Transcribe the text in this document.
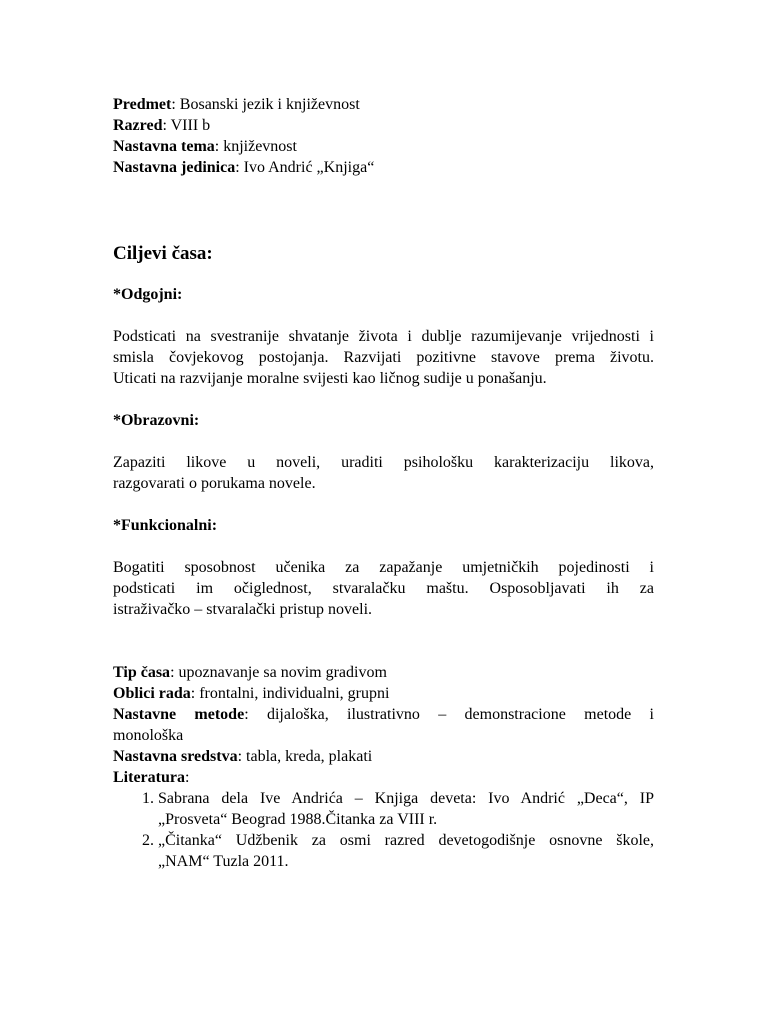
Predmet: Bosanski jezik i književnost

Razred: VIII b

Nastavna tema: književnost

Nastavna jedinica: Ivo Andrić „Knjiga“

Ciljevi časa:

*Odgojni:

Podsticati na svestranije shvatanje života i dublje razumijevanje vrijednosti i
smisla čovjekovog postojanja. Razvijati pozitivne stavove prema životu.
Uticati na razvijanje moralne svijesti kao ličnog sudije u ponašanju.

*Obrazovni:

Zapaziti likove u noveli, uraditi psihološku karakterizaciju likova,
razgovarati o porukama novele.

*Funkcionalni:

Bogatiti sposobnost učenika za zapažanje umjetničkih pojedinosti i
podsticati im očiglednost, stvaralačku maštu. Osposobljavati ih za
istraživačko – stvaralački pristup noveli.

Tip časa: upoznavanje sa novim gradivom

Oblici rada: frontalni, individualni, grupni

Nastavne metode: dijaloška, ilustrativno – demonstracione metode i
monološka

Nastavna sredstva: tabla, kreda, plakati

Literatura:

1. Sabrana dela Ive Andrića – Knjiga deveta: Ivo Andrić „Deca“, IP
„Prosveta“ Beograd 1988.Čitanka za VIII r.
2. „Čitanka“ Udžbenik za osmi razred devetogodišnje osnovne škole,
„NAM“ Tuzla 2011.
